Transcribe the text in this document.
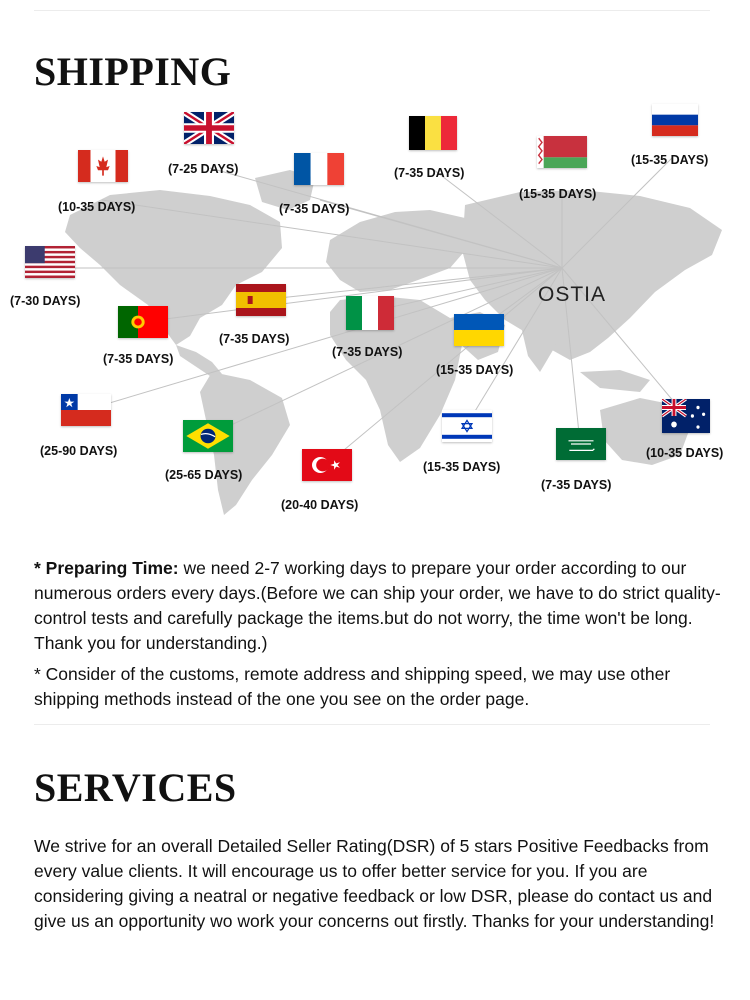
SHIPPING
OSTIA
(7-25 DAYS)
(10-35 DAYS)	(7-35 DAYS)
(7-35 DAYS)
(15-35 DAYS)
(15-35 DAYS)
(7-30 DAYS)
(7-35 DAYS)
(7-35 DAYS)
(7-35 DAYS)
(15-35 DAYS)
(25-90 DAYS)
(25-65 DAYS)
(20-40 DAYS)
(15-35 DAYS)
(7-35 DAYS)
(10-35 DAYS)

* Preparing Time: we need 2-7 working days to prepare your order according to our numerous orders every days.(Before we can ship your order, we have to do strict quality-control tests and carefully package the items.but do not worry, the time won't be long. Thank you for understanding.)

* Consider of the customs, remote address and shipping speed, we may use other shipping methods instead of the one you see on the order page.

SERVICES

We strive for an overall Detailed Seller Rating(DSR) of 5 stars Positive Feedbacks from every value clients. It will encourage us to offer better service for you. If you are considering giving a neatral or negative feedback or low DSR, please do contact us and give us an opportunity wo work your concerns out firstly. Thanks for your understanding!
